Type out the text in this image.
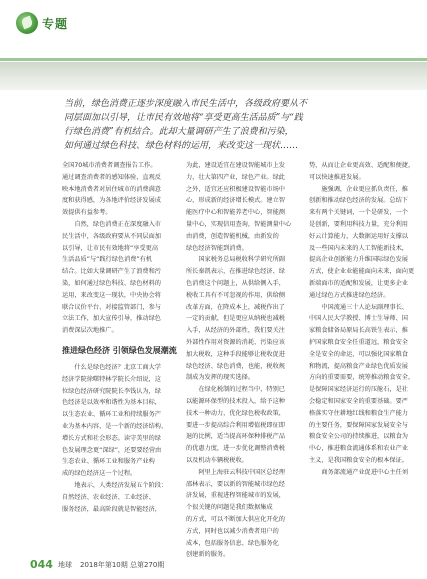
专题
当前，绿色消费正逐步深度融入市民生活中，各级政府要从不
同层面加以引导，让市民有效地将“享受更高生活品质”与“践
行绿色消费”有机结合。此却大量调研产生了浪费和污染，
如何通过绿色科技、绿色材料的运用，来改变这一现状……

全国70城市消费者调查报告工作。

通过调查消费者的感知体验，直观反

映本地消费者对居住城市的消费满意

度和获得感，为各地评价经济发展成

效提供有益参考。

　　自然，绿色消费正在深度融入市

民生活中，各级政府要从不同层面加

以引导，让市民有效地将“享受更高

生活品质”与“践行绿色消费”有机

结合。比如大量调研产生了浪费和污

染，如何通过绿色科技、绿色材料的

运用，来改变这一现状，中央协会将

联合议价平台、对接监管部门，参与

立法工作，加大宣传引导，推动绿色

消费深层次地推广。

推进绿色经济 引领绿色发展潮流

　　什么是绿色经济？北京工商大学

经济学院徐曙特林学院长介绍说，这

位绿色经济研究院院长李钱认为，绿

色经济是以效率和谐性为基本目标，

以生态农业、循环工业和持续服务产

业为基本内容，是一个新的经济结构、

增长方式和社会形态。读守美里的绿

色发展理念更“深绿”，还要要经营由

生态农业、循环工业和服务产业构

成的绿色经济这一个过程。

　　地表示，人类经济发展五个阶段：

自然经济、农业经济、工业经济、

服务经济，最高阶段就是智能经济，

为此，建设适宜在建设智能城市上发

力，壮大第四产业，绿色产业。绿此

之外，适宜还应积极建设智能市场中

心，形成新的经济增长模式。建立智

能医疗中心和智能养老中心，智能测

量中心，实现信用查询，智能测量中心

由消费，创造智能机械，由新发的

绿色经济智能到消费。

　　国家税务总局税收科学研究所副

所长秦凯表示，在推进绿色经济、绿

色消费这个问题上，从供给侧入手，

税收工具有不可忽视的作用，供给侧

改革方面，在降成本上，减税作出了

一定的贡献，但是更应从纳税也减税

入手，从经济的外部性，我们要关注

外部性作用对资源的消耗、污染应该

加大税收，这种手段能够让税收促进

绿色经济、绿色消费，也能，税收规

制成为发挥的现实选择。

　　在绿化税制的过程当中，特别已

以能源环保型的技术投入，给予这种

技术一种动力，优化绿色税收政策，

要进一步提高综合利用增值税即征即

退的比例，适当提高环保种排税产品

的优惠力度，进一步优化调整消费税

以及机动车辆税税收。

　　阿里上海驻云科技中国区总经理

邵林表示，要以新的智能城市绿色经

济发展，重视进程智能城市的发展，

个很关键的问题是我们数据集成

的方式，可以不断加大供应化开化的

方式，同时也以减少消费者用户的

成本，包括服务信息、绿色服务化

创建新的服务。

势，从而让企业更高效、适配和便捷，

可以快速推进发展。

　　施强调，企业更应抓负责任，推

创新和推动绿色经济的发展。总结下

来有两个关键词，一个是研发，一个

是创新，要利用科技力量，充分利用

好云计算能力，大数据运用好支撑以

及一些国内未来的人工智能新技术，

提高企业创新能力升维国际绿色发展

方式，使企业业能能面向未来，面向更

新端面市的适配和发展，让更多企业

通过绿色方式推进绿色经济。

　　中国流通三十人论坛副理事长、

中国人民大学教授、博士生导师、国

家粮食储备局原局长高铁生表示，推

护国家粮食安全任重道远，粮食安全

全是安全的命运，可以强化国家粮食

和物流，提高粮食产业绿色优质发展

方向的重要需要，统筹推动粮食安全，

是保障国家经济运行的压舱石，是社

会稳定和国家安全的重要基础。要严

格落实守住耕地红线和粮食生产能力

的主要任务，要保障国家发展安全与

粮食安全公司的持续推进，以粮食为

中心，推进粮食流通体系和农业产业

主义，是我国粮食安全的根本保证。

　　商务部流通产业促进中心主任刘

044 地球 2018年第10期 总第270期
